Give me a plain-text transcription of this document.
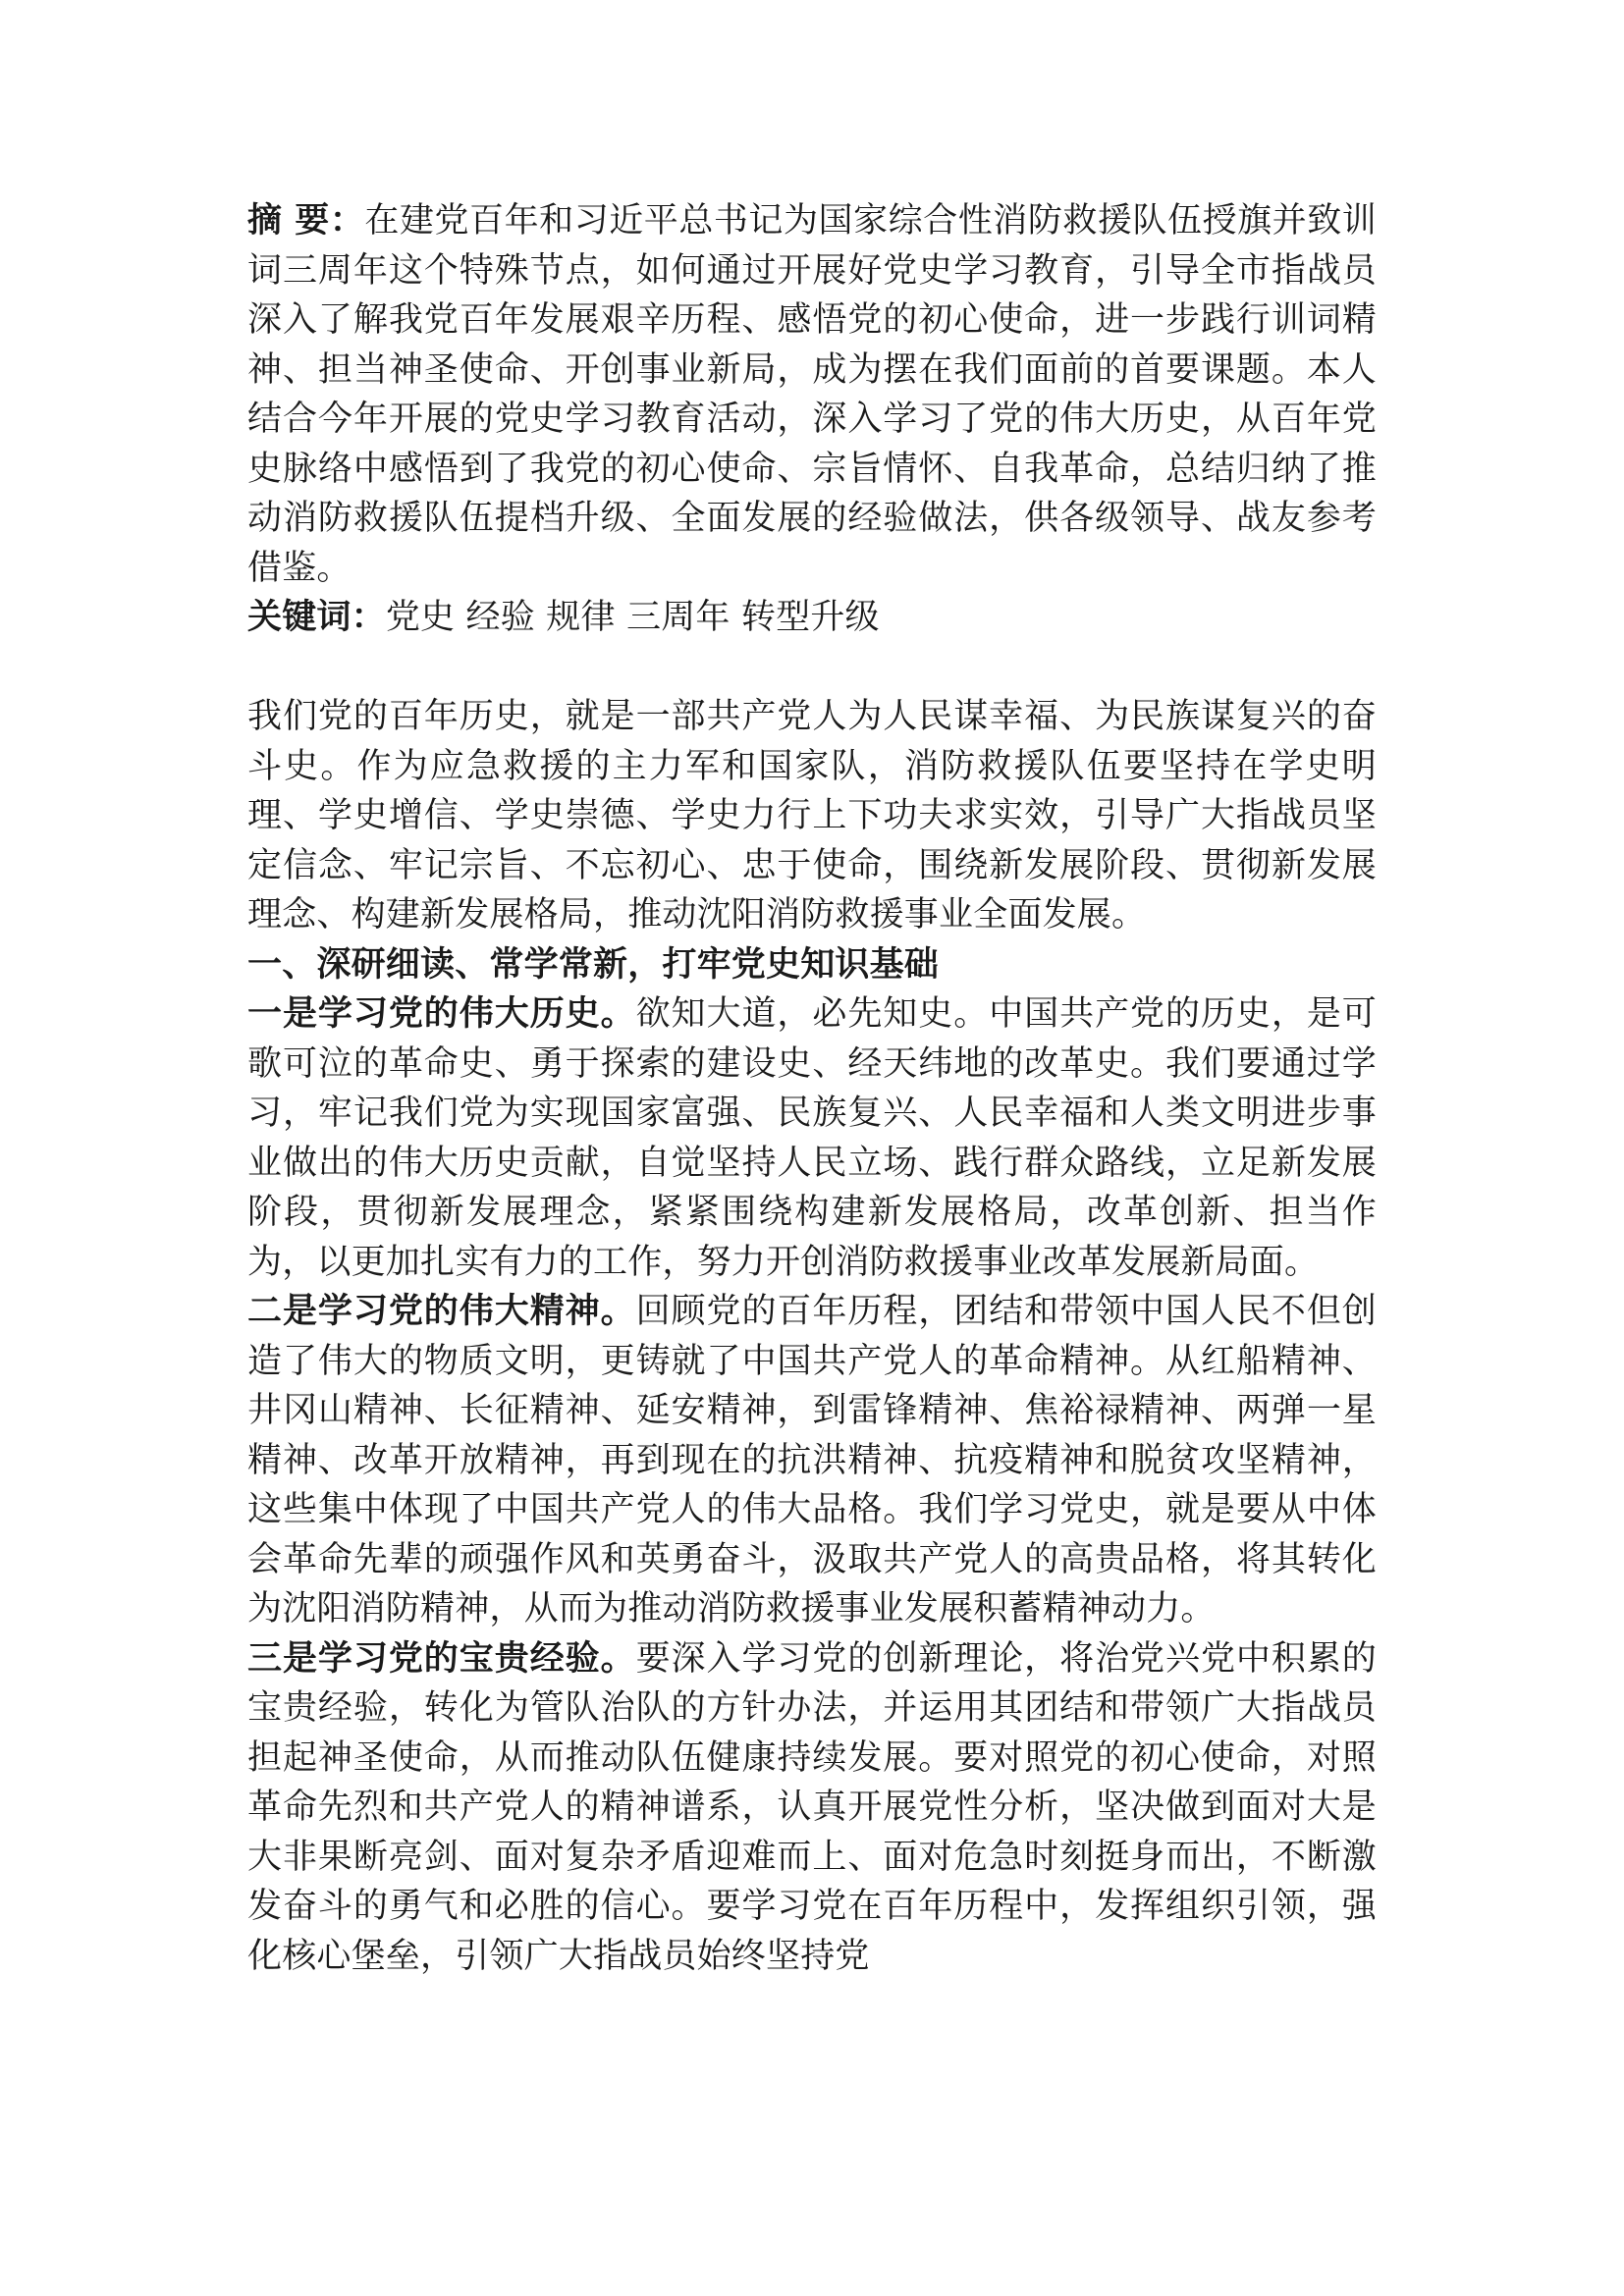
摘 要：在建党百年和习近平总书记为国家综合性消防救援队伍授旗并致训词三周年这个特殊节点，如何通过开展好党史学习教育，引导全市指战员深入了解我党百年发展艰辛历程、感悟党的初心使命，进一步践行训词精神、担当神圣使命、开创事业新局，成为摆在我们面前的首要课题。本人结合今年开展的党史学习教育活动，深入学习了党的伟大历史，从百年党史脉络中感悟到了我党的初心使命、宗旨情怀、自我革命，总结归纳了推动消防救援队伍提档升级、全面发展的经验做法，供各级领导、战友参考借鉴。

关键词：党史 经验 规律 三周年 转型升级

我们党的百年历史，就是一部共产党人为人民谋幸福、为民族谋复兴的奋斗史。作为应急救援的主力军和国家队，消防救援队伍要坚持在学史明理、学史增信、学史崇德、学史力行上下功夫求实效，引导广大指战员坚定信念、牢记宗旨、不忘初心、忠于使命，围绕新发展阶段、贯彻新发展理念、构建新发展格局，推动沈阳消防救援事业全面发展。

一、深研细读、常学常新，打牢党史知识基础

一是学习党的伟大历史。欲知大道，必先知史。中国共产党的历史，是可歌可泣的革命史、勇于探索的建设史、经天纬地的改革史。我们要通过学习，牢记我们党为实现国家富强、民族复兴、人民幸福和人类文明进步事业做出的伟大历史贡献，自觉坚持人民立场、践行群众路线，立足新发展阶段，贯彻新发展理念，紧紧围绕构建新发展格局，改革创新、担当作为，以更加扎实有力的工作，努力开创消防救援事业改革发展新局面。

二是学习党的伟大精神。回顾党的百年历程，团结和带领中国人民不但创造了伟大的物质文明，更铸就了中国共产党人的革命精神。从红船精神、井冈山精神、长征精神、延安精神，到雷锋精神、焦裕禄精神、两弹一星精神、改革开放精神，再到现在的抗洪精神、抗疫精神和脱贫攻坚精神，这些集中体现了中国共产党人的伟大品格。我们学习党史，就是要从中体会革命先辈的顽强作风和英勇奋斗，汲取共产党人的高贵品格，将其转化为沈阳消防精神，从而为推动消防救援事业发展积蓄精神动力。

三是学习党的宝贵经验。要深入学习党的创新理论，将治党兴党中积累的宝贵经验，转化为管队治队的方针办法，并运用其团结和带领广大指战员担起神圣使命，从而推动队伍健康持续发展。要对照党的初心使命，对照革命先烈和共产党人的精神谱系，认真开展党性分析，坚决做到面对大是大非果断亮剑、面对复杂矛盾迎难而上、面对危急时刻挺身而出，不断激发奋斗的勇气和必胜的信心。要学习党在百年历程中，发挥组织引领，强化核心堡垒，引领广大指战员始终坚持党
